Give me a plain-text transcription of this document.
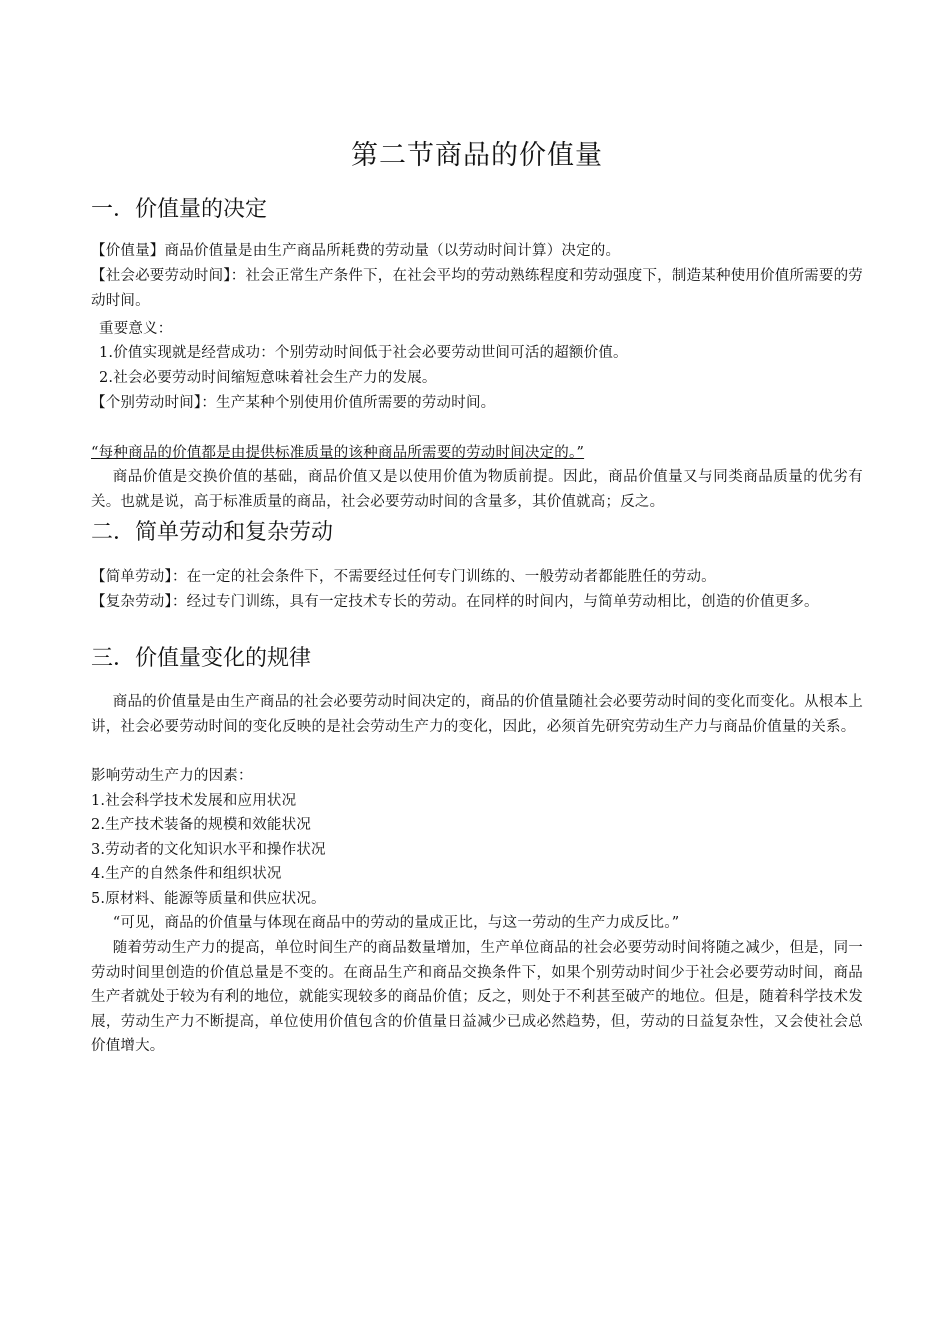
第二节商品的价值量
一．价值量的决定
【价值量】商品价值量是由生产商品所耗费的劳动量（以劳动时间计算）决定的。
【社会必要劳动时间】：社会正常生产条件下，在社会平均的劳动熟练程度和劳动强度下，制造某种使用价值所需要的劳动时间。
重要意义：
1.价值实现就是经营成功：个别劳动时间低于社会必要劳动世间可活的超额价值。
2.社会必要劳动时间缩短意味着社会生产力的发展。
【个别劳动时间】：生产某种个别使用价值所需要的劳动时间。
“每种商品的价值都是由提供标准质量的该种商品所需要的劳动时间决定的。”
商品价值是交换价值的基础，商品价值又是以使用价值为物质前提。因此，商品价值量又与同类商品质量的优劣有关。也就是说，高于标准质量的商品，社会必要劳动时间的含量多，其价值就高；反之。
二．简单劳动和复杂劳动
【简单劳动】：在一定的社会条件下，不需要经过任何专门训练的、一般劳动者都能胜任的劳动。
【复杂劳动】：经过专门训练，具有一定技术专长的劳动。在同样的时间内，与简单劳动相比，创造的价值更多。
三．价值量变化的规律
商品的价值量是由生产商品的社会必要劳动时间决定的，商品的价值量随社会必要劳动时间的变化而变化。从根本上讲，社会必要劳动时间的变化反映的是社会劳动生产力的变化，因此，必须首先研究劳动生产力与商品价值量的关系。
影响劳动生产力的因素：
1.社会科学技术发展和应用状况
2.生产技术装备的规模和效能状况
3.劳动者的文化知识水平和操作状况
4.生产的自然条件和组织状况
5.原材料、能源等质量和供应状况。
“可见，商品的价值量与体现在商品中的劳动的量成正比，与这一劳动的生产力成反比。”
随着劳动生产力的提高，单位时间生产的商品数量增加，生产单位商品的社会必要劳动时间将随之减少，但是，同一劳动时间里创造的价值总量是不变的。在商品生产和商品交换条件下，如果个别劳动时间少于社会必要劳动时间，商品生产者就处于较为有利的地位，就能实现较多的商品价值；反之，则处于不利甚至破产的地位。但是，随着科学技术发展，劳动生产力不断提高，单位使用价值包含的价值量日益减少已成必然趋势，但，劳动的日益复杂性，又会使社会总价值增大。
